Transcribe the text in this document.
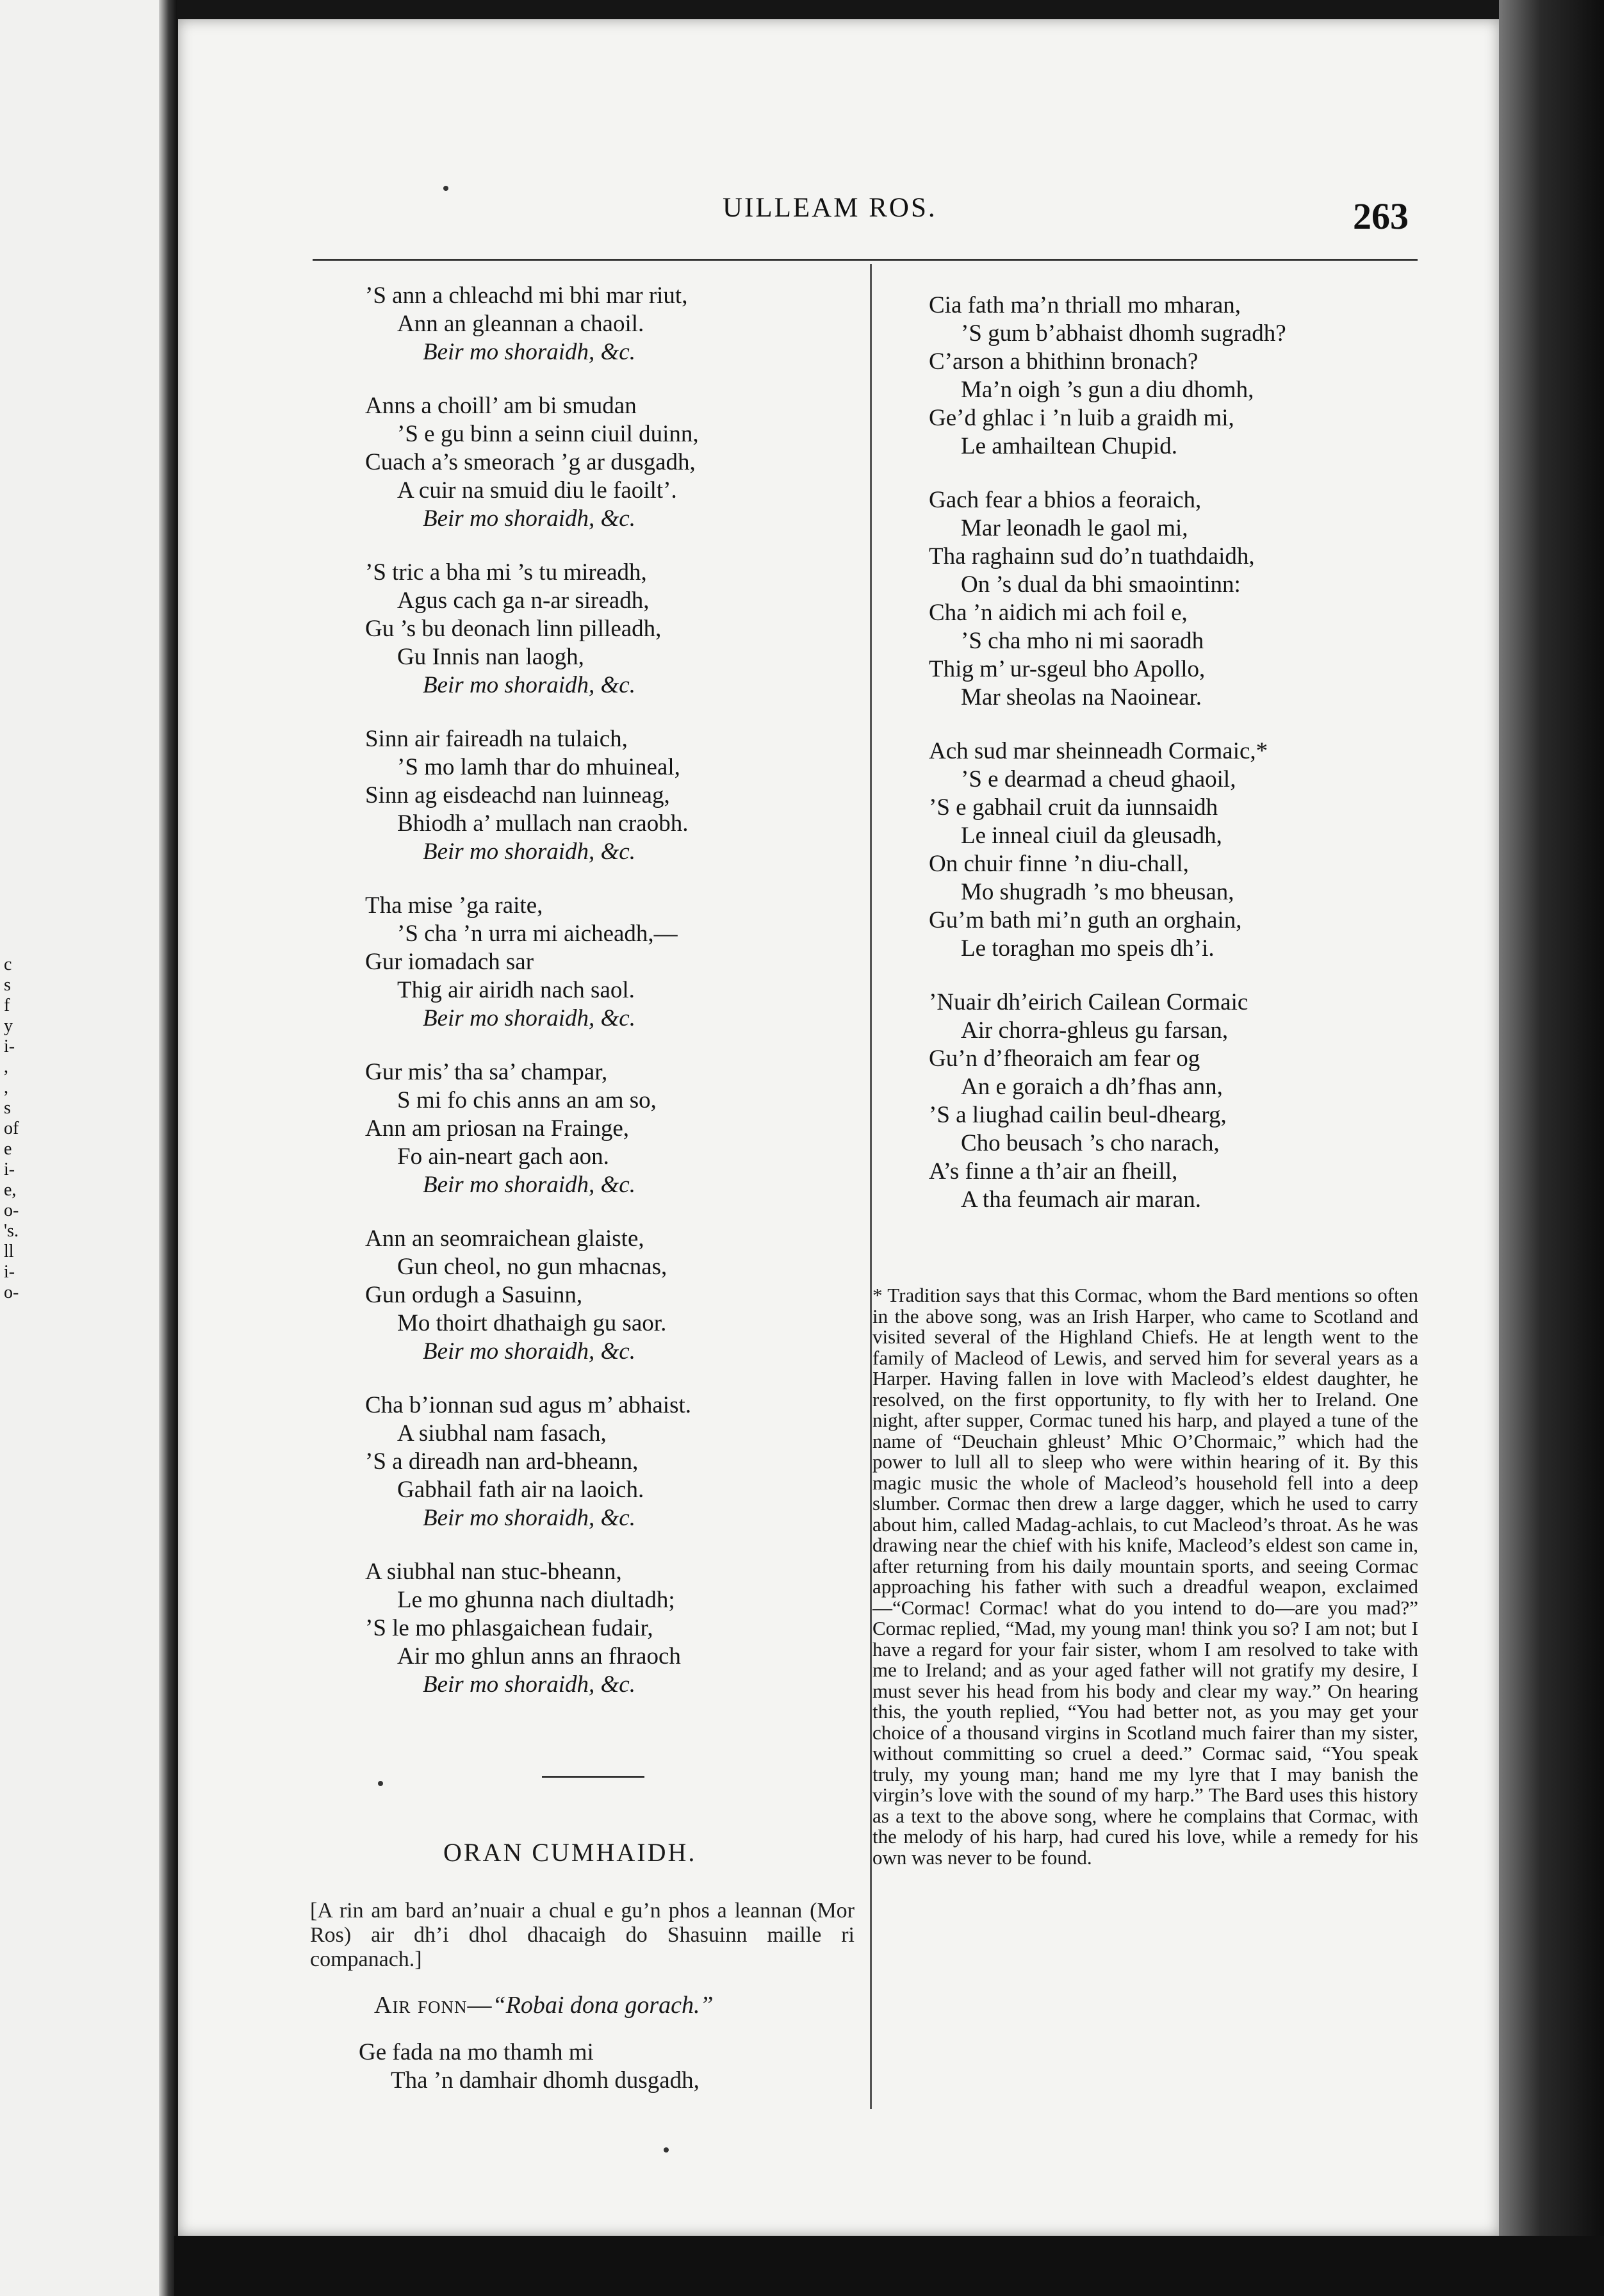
c
s
f
y
i-
,
,
s
of
e
i-
e,
o-
's.
ll
i-
o-
UILLEAM ROS.	263
’S ann a chleachd mi bhi mar riut,
Ann an gleannan a chaoil.
Beir mo shoraidh, &c.
Anns a choill’ am bi smudan
’S e gu binn a seinn ciuil duinn,
Cuach a’s smeorach ’g ar dusgadh,
A cuir na smuid diu le faoilt’.
Beir mo shoraidh, &c.
’S tric a bha mi ’s tu mireadh,
Agus cach ga n-ar sireadh,
Gu ’s bu deonach linn pilleadh,
Gu Innis nan laogh,
Beir mo shoraidh, &c.
Sinn air faireadh na tulaich,
’S mo lamh thar do mhuineal,
Sinn ag eisdeachd nan luinneag,
Bhiodh a’ mullach nan craobh.
Beir mo shoraidh, &c.
Tha mise ’ga raite,
’S cha ’n urra mi aicheadh,—
Gur iomadach sar
Thig air airidh nach saol.
Beir mo shoraidh, &c.
Gur mis’ tha sa’ champar,
S mi fo chis anns an am so,
Ann am priosan na Frainge,
Fo ain-neart gach aon.
Beir mo shoraidh, &c.
Ann an seomraichean glaiste,
Gun cheol, no gun mhacnas,
Gun ordugh a Sasuinn,
Mo thoirt dhathaigh gu saor.
Beir mo shoraidh, &c.
Cha b’ionnan sud agus m’ abhaist.
A siubhal nam fasach,
’S a direadh nan ard-bheann,
Gabhail fath air na laoich.
Beir mo shoraidh, &c.
A siubhal nan stuc-bheann,
Le mo ghunna nach diultadh;
’S le mo phlasgaichean fudair,
Air mo ghlun anns an fhraoch
Beir mo shoraidh, &c.
Cia fath ma’n thriall mo mharan,
’S gum b’abhaist dhomh sugradh?
C’arson a bhithinn bronach?
Ma’n oigh ’s gun a diu dhomh,
Ge’d ghlac i ’n luib a graidh mi,
Le amhailtean Chupid.
Gach fear a bhios a feoraich,
Mar leonadh le gaol mi,
Tha raghainn sud do’n tuathdaidh,
On ’s dual da bhi smaointinn:
Cha ’n aidich mi ach foil e,
’S cha mho ni mi saoradh
Thig m’ ur-sgeul bho Apollo,
Mar sheolas na Naoinear.
Ach sud mar sheinneadh Cormaic,*
’S e dearmad a cheud ghaoil,
’S e gabhail cruit da iunnsaidh
Le inneal ciuil da gleusadh,
On chuir finne ’n diu-chall,
Mo shugradh ’s mo bheusan,
Gu’m bath mi’n guth an orghain,
Le toraghan mo speis dh’i.
’Nuair dh’eirich Cailean Cormaic
Air chorra-ghleus gu farsan,
Gu’n d’fheoraich am fear og
An e goraich a dh’fhas ann,
’S a liughad cailin beul-dhearg,
Cho beusach ’s cho narach,
A’s finne a th’air an fheill,
A tha feumach air maran.
ORAN CUMHAIDH.
[A rin am bard an’nuair a chual e gu’n phos a leannan (Mor Ros) air dh’i dhol dhacaigh do Shasuinn maille ri companach.]
Air fonn—“Robai dona gorach.”
Ge fada na mo thamh mi
Tha ’n damhair dhomh dusgadh,
* Tradition says that this Cormac, whom the Bard mentions so often in the above song, was an Irish Harper, who came to Scotland and visited several of the Highland Chiefs. He at length went to the family of Macleod of Lewis, and served him for several years as a Harper. Having fallen in love with Macleod’s eldest daughter, he resolved, on the first opportunity, to fly with her to Ireland. One night, after supper, Cormac tuned his harp, and played a tune of the name of “Deuchain ghleust’ Mhic O’Chormaic,” which had the power to lull all to sleep who were within hearing of it. By this magic music the whole of Macleod’s household fell into a deep slumber. Cormac then drew a large dagger, which he used to carry about him, called Madag-achlais, to cut Macleod’s throat. As he was drawing near the chief with his knife, Macleod’s eldest son came in, after returning from his daily mountain sports, and seeing Cormac approaching his father with such a dreadful weapon, exclaimed—“Cormac! Cormac! what do you intend to do—are you mad?” Cormac replied, “Mad, my young man! think you so? I am not; but I have a regard for your fair sister, whom I am resolved to take with me to Ireland; and as your aged father will not gratify my desire, I must sever his head from his body and clear my way.” On hearing this, the youth replied, “You had better not, as you may get your choice of a thousand virgins in Scotland much fairer than my sister, without committing so cruel a deed.” Cormac said, “You speak truly, my young man; hand me my lyre that I may banish the virgin’s love with the sound of my harp.” The Bard uses this history as a text to the above song, where he complains that Cormac, with the melody of his harp, had cured his love, while a remedy for his own was never to be found.
